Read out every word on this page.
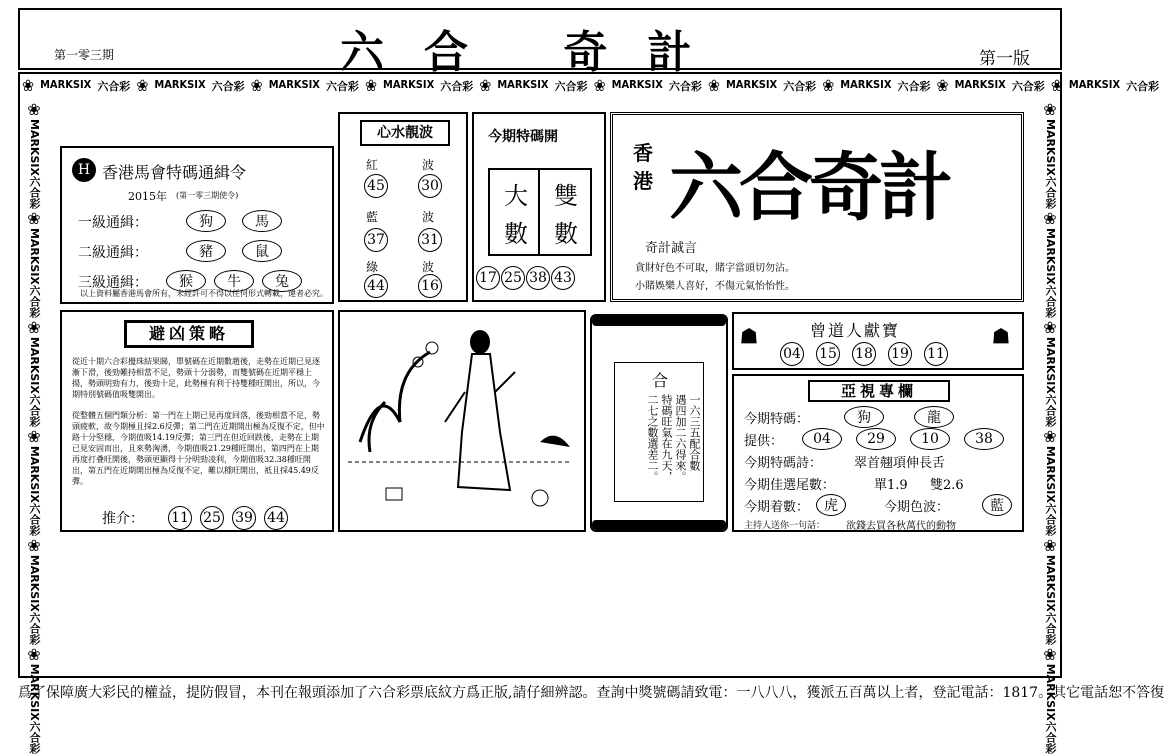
六合 奇計
第一零三期	第一版
❀ MARKSIX 六合彩 ❀ MARKSIX 六合彩 ❀ MARKSIX 六合彩 ❀ MARKSIX 六合彩 ❀ MARKSIX 六合彩 ❀ MARKSIX 六合彩 ❀ MARKSIX 六合彩 ❀ MARKSIX 六合彩 ❀ MARKSIX 六合彩 ❀ MARKSIX 六合彩
❀MARKSIX六合彩❀MARKSIX六合彩❀MARKSIX六合彩❀MARKSIX六合彩❀MARKSIX六合彩❀MARKSIX六合彩
❀MARKSIX六合彩❀MARKSIX六合彩❀MARKSIX六合彩❀MARKSIX六合彩❀MARKSIX六合彩❀MARKSIX六合彩
H 香港馬會特碼通緝令
2015年 (第一零三期使令)
一級通緝：	狗	馬
二級通緝：	豬	鼠
三級通緝：	猴	牛	兔
以上資料屬香港馬會所有，未經許可不得以任何形式轉載，違者必究。
心水靚波
紅	波
45	30
藍	波
37	31
綠	波
44	16
今期特碼開
大
數
雙
數
17 25 38 43
香
港 六合奇計
奇計誠言
貪財好色不可取，賭字當頭切勿沾。
小賭娛樂人喜好，不傷元氣怡怡性。
避凶策略
從近十期六合彩攪珠結果睇，單號碼在近期數趙後，走勢在近期已見逐漸下滑，後勁難持相當不足，勢頭十分弱勢，而雙號碼在近期平穩上揚，勢頭明勁有力，後勁十足，此勢極有利于持雙種旺開出，所以，今期特別號碼值吸雙開出。
從整體五個門類分析：第一門在上期已見再度回落，後勁相當不足，勢頭疲軟，故今期極且採2.6反彈；第二門在近期開出極為反復不定，但中路十分堅穩，今期值吸14.19反彈；第三門在但近回跌後，走勢在上期已見安固而出，且來勢洶湧，今期值吸21.29種旺開出，第四門在上期再度打叠旺開後，勢頭更顯得十分明勁凌利，今期值吸32.38種旺開出，第五門在近期開出極為反復不定，難以種旺開出，祗且採45.49反彈。
推介： 11 25 39 44
合
一六三五配合數
遇四加二六得來。
特碼旺氣在九天，
二七之數選差二。
☗	☗
曾道人獻寶
04 15 18 19 11
亞視專欄
今期特碼：	狗	龍
提供：	04	29	10	38
今期特碼詩： 翠首翹項伸長舌
今期佳選尾數：	單1.9 雙2.6
今期着數：	虎	今期色波：	藍
主持人送你一句話： 欲錢去買各秋萬代的動物
爲了保障廣大彩民的權益，提防假冒，本刊在報頭添加了六合彩票底紋方爲正版,請仔細辨認。查詢中獎號碼請致電：一八八八，獲派五百萬以上者，登記電話：1817。其它電話恕不答復
